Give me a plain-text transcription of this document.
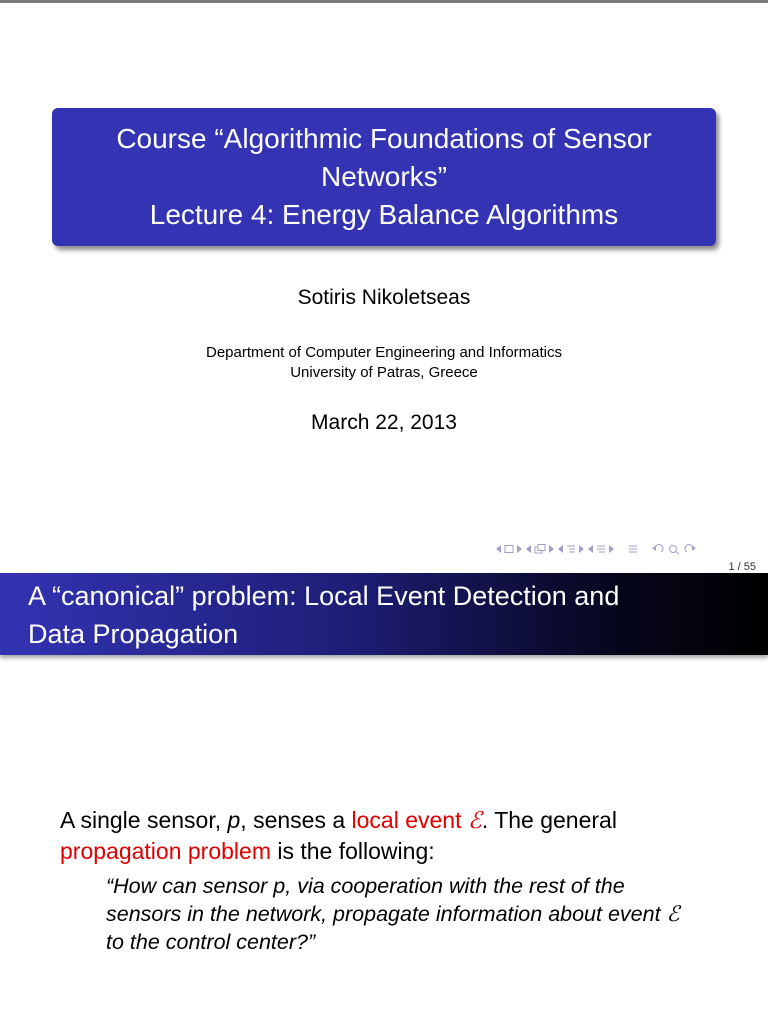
Course “Algorithmic Foundations of Sensor
Networks”
Lecture 4: Energy Balance Algorithms
Sotiris Nikoletseas
Department of Computer Engineering and Informatics
University of Patras, Greece
March 22, 2013
1 / 55
A “canonical” problem: Local Event Detection and
Data Propagation
A single sensor, p, senses a local event ℰ. The general propagation problem is the following:
“How can sensor p, via cooperation with the rest of the sensors in the network, propagate information about event ℰ to the control center?”
